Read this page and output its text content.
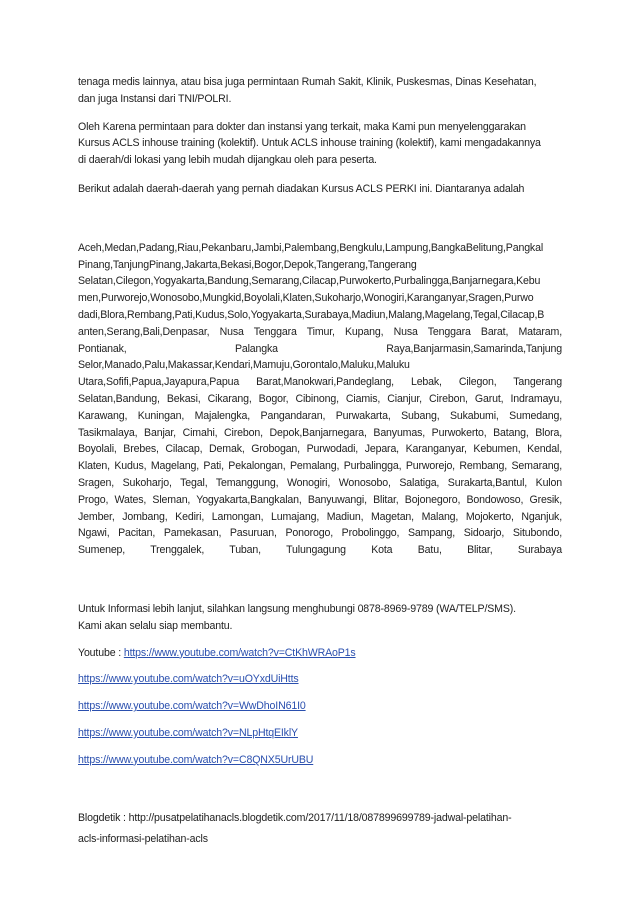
tenaga medis lainnya, atau bisa juga permintaan Rumah Sakit, Klinik, Puskesmas, Dinas Kesehatan,

dan juga Instansi dari TNI/POLRI.

Oleh Karena permintaan para dokter dan instansi yang terkait, maka Kami pun menyelenggarakan

Kursus ACLS inhouse training (kolektif). Untuk ACLS inhouse training (kolektif), kami mengadakannya

di daerah/di lokasi yang lebih mudah dijangkau oleh para peserta.

Berikut adalah daerah-daerah yang pernah diadakan Kursus ACLS PERKI ini. Diantaranya adalah

Aceh,Medan,Padang,Riau,Pekanbaru,Jambi,Palembang,Bengkulu,Lampung,BangkaBelitung,Pangkal

Pinang,TanjungPinang,Jakarta,Bekasi,Bogor,Depok,Tangerang,Tangerang

Selatan,Cilegon,Yogyakarta,Bandung,Semarang,Cilacap,Purwokerto,Purbalingga,Banjarnegara,Kebu

men,Purworejo,Wonosobo,Mungkid,Boyolali,Klaten,Sukoharjo,Wonogiri,Karanganyar,Sragen,Purwo

dadi,Blora,Rembang,Pati,Kudus,Solo,Yogyakarta,Surabaya,Madiun,Malang,Magelang,Tegal,Cilacap,B

anten,Serang,Bali,Denpasar, Nusa Tenggara Timur, Kupang, Nusa Tenggara Barat, Mataram,

Pontianak, Palangka Raya,Banjarmasin,Samarinda,Tanjung

Selor,Manado,Palu,Makassar,Kendari,Mamuju,Gorontalo,Maluku,Maluku

Utara,Sofifi,Papua,Jayapura,Papua Barat,Manokwari,Pandeglang, Lebak, Cilegon, Tangerang

Selatan,Bandung, Bekasi, Cikarang, Bogor, Cibinong, Ciamis, Cianjur, Cirebon, Garut, Indramayu,

Karawang, Kuningan, Majalengka, Pangandaran, Purwakarta, Subang, Sukabumi, Sumedang,

Tasikmalaya, Banjar, Cimahi, Cirebon, Depok,Banjarnegara, Banyumas, Purwokerto, Batang, Blora,

Boyolali, Brebes, Cilacap, Demak, Grobogan, Purwodadi, Jepara, Karanganyar, Kebumen, Kendal,

Klaten, Kudus, Magelang, Pati, Pekalongan, Pemalang, Purbalingga, Purworejo, Rembang, Semarang,

Sragen, Sukoharjo, Tegal, Temanggung, Wonogiri, Wonosobo, Salatiga, Surakarta,Bantul, Kulon

Progo, Wates, Sleman, Yogyakarta,Bangkalan, Banyuwangi, Blitar, Bojonegoro, Bondowoso, Gresik,

Jember, Jombang, Kediri, Lamongan, Lumajang, Madiun, Magetan, Malang, Mojokerto, Nganjuk,

Ngawi, Pacitan, Pamekasan, Pasuruan, Ponorogo, Probolinggo, Sampang, Sidoarjo, Situbondo,

Sumenep, Trenggalek, Tuban, Tulungagung Kota Batu, Blitar, Surabaya

Untuk Informasi lebih lanjut, silahkan langsung menghubungi 0878-8969-9789 (WA/TELP/SMS).

Kami akan selalu siap membantu.

Youtube : https://www.youtube.com/watch?v=CtKhWRAoP1s

https://www.youtube.com/watch?v=uOYxdUiHtts

https://www.youtube.com/watch?v=WwDhoIN61I0

https://www.youtube.com/watch?v=NLpHtqEIklY

https://www.youtube.com/watch?v=C8QNX5UrUBU

Blogdetik : http://pusatpelatihanacls.blogdetik.com/2017/11/18/087899699789-jadwal-pelatihan-

acls-informasi-pelatihan-acls
